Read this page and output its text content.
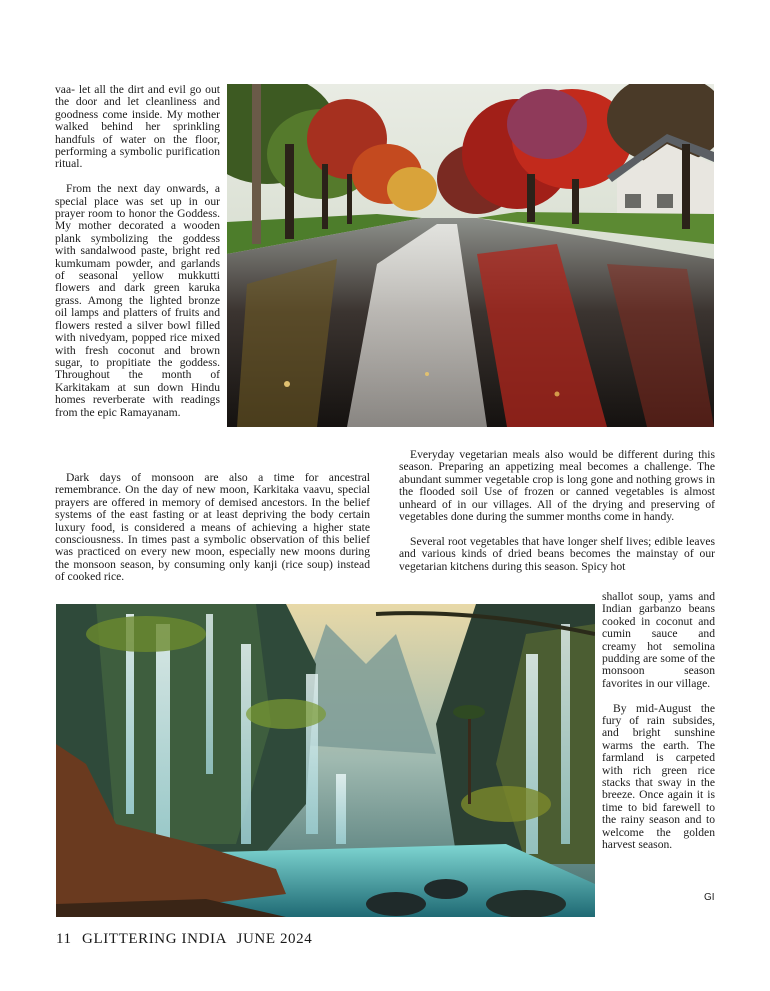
vaa- let all the dirt and evil go out the door and let cleanliness and goodness come inside. My mother walked behind her sprinkling handfuls of water on the floor, performing a symbolic purification ritual.

From the next day onwards, a special place was set up in our prayer room to honor the Goddess. My mother decorated a wooden plank symbolizing the goddess with sandalwood paste, bright red kumkumam powder, and garlands of seasonal yellow mukkutti flowers and dark green karuka grass. Among the lighted bronze oil lamps and platters of fruits and flowers rested a silver bowl filled with nivedyam, popped rice mixed with fresh coconut and brown sugar, to propitiate the goddess. Throughout the month of Karkitakam at sun down Hindu homes reverberate with readings from the epic Ramayanam.

Dark days of monsoon are also a time for ancestral remembrance. On the day of new moon, Karkitaka vaavu, special prayers are offered in memory of demised ancestors. In the belief systems of the east fasting or at least depriving the body certain luxury food, is considered a means of achieving a higher state consciousness. In times past a symbolic observation of this belief was practiced on every new moon, especially new moons during the monsoon season, by consuming only kanji (rice soup) instead of cooked rice.

Everyday vegetarian meals also would be different during this season. Preparing an appetizing meal becomes a challenge. The abundant summer vegetable crop is long gone and nothing grows in the flooded soil Use of frozen or canned vegetables is almost unheard of in our villages. All of the drying and preserving of vegetables done during the summer months come in handy.

Several root vegetables that have longer shelf lives; edible leaves and various kinds of dried beans becomes the mainstay of our vegetarian kitchens during this season. Spicy hot

shallot soup, yams and Indian garbanzo beans cooked in coconut and cumin sauce and creamy hot semolina pudding are some of the monsoon season favorites in our village.

By mid-August the fury of rain subsides, and bright sunshine warms the earth. The farmland is carpeted with rich green rice stacks that sway in the breeze. Once again it is time to bid farewell to the rainy season and to welcome the golden harvest season.

GI
11 GLITTERING INDIA JUNE 2024
